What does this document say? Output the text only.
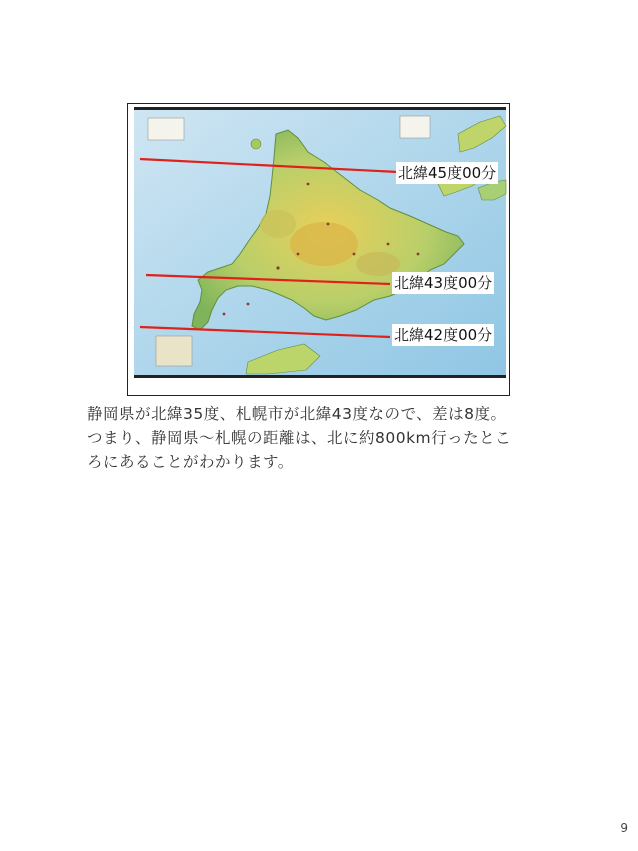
北緯45度00分
北緯43度00分
北緯42度00分

静岡県が北緯35度、札幌市が北緯43度なので、差は8度。

つまり、静岡県～札幌の距離は、北に約800km行ったとこ

ろにあることがわかります。

9
